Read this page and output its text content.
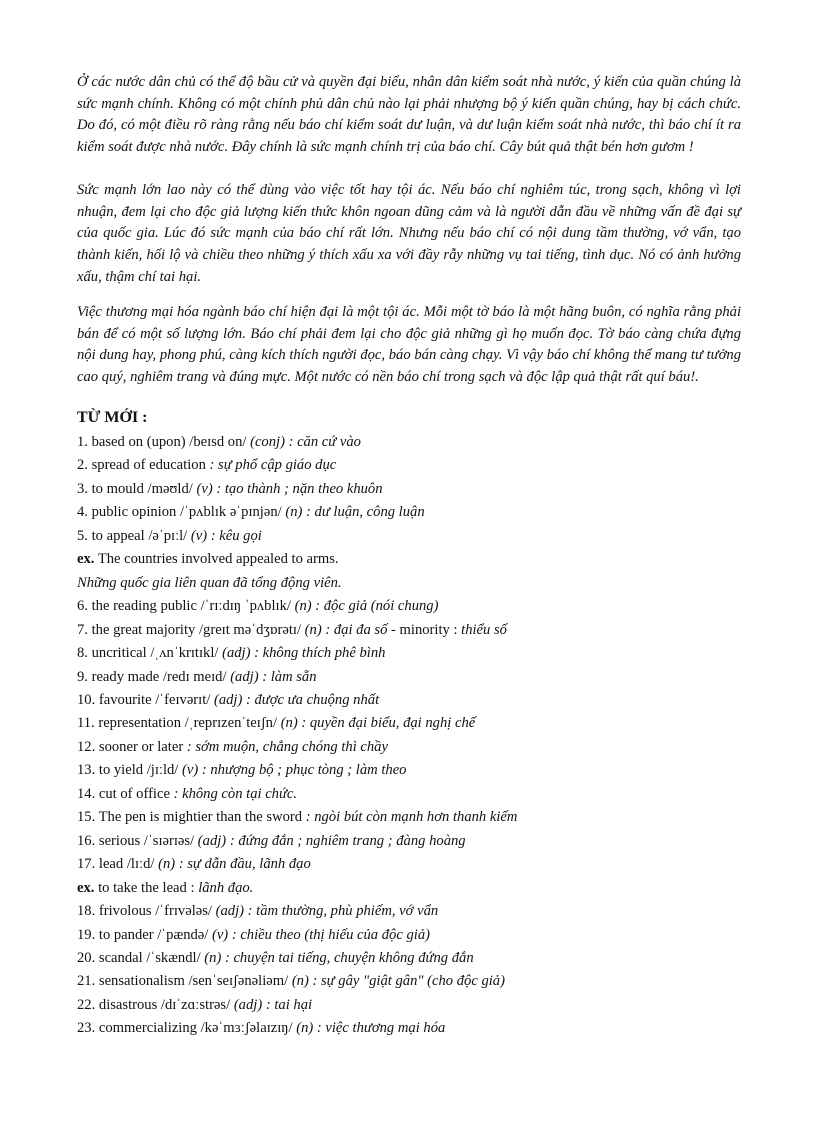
Ở các nước dân chủ có thể độ bầu cử và quyền đại biểu, nhân dân kiểm soát nhà nước, ý kiến của quần chúng là sức mạnh chính. Không có một chính phủ dân chủ nào lại phải nhượng bộ ý kiến quần chúng, hay bị cách chức. Do đó, có một điều rõ ràng rằng nếu báo chí kiểm soát dư luận, và dư luận kiểm soát nhà nước, thì báo chí ít ra kiểm soát được nhà nước. Đây chính là sức mạnh chính trị của báo chí. Cây bút quả thật bén hơn gươm !

Sức mạnh lớn lao này có thể dùng vào việc tốt hay tội ác. Nếu báo chí nghiêm túc, trong sạch, không vì lợi nhuận, đem lại cho độc giả lượng kiến thức khôn ngoan dũng cảm và là người dẫn đầu về những vấn đề đại sự của quốc gia. Lúc đó sức mạnh của báo chí rất lớn. Nhưng nếu báo chí có nội dung tầm thường, vớ vẩn, tạo thành kiến, hối lộ và chiều theo những ý thích xấu xa với đầy rẫy những vụ tai tiếng, tình dục. Nó có ảnh hưởng xấu, thậm chí tai hại.

Việc thương mại hóa ngành báo chí hiện đại là một tội ác. Mỗi một tờ báo là một hãng buôn, có nghĩa rằng phải bán để có một số lượng lớn. Báo chí phải đem lại cho độc giả những gì họ muốn đọc. Tờ báo càng chứa đựng nội dung hay, phong phú, càng kích thích người đọc, báo bán càng chạy. Vì vậy báo chí không thể mang tư tưởng cao quý, nghiêm trang và đúng mực. Một nước có nền báo chí trong sạch và độc lập quả thật rất quí báu!.

TỪ MỚI :

1. based on (upon) /beɪsd on/ (conj) : căn cứ vào
2. spread of education : sự phổ cập giáo dục
3. to mould /məʊld/ (v) : tạo thành ; nặn theo khuôn
4. public opinion /ˈpʌblɪk əˈpɪnjən/ (n) : dư luận, công luận
5. to appeal /əˈpɪːl/ (v) : kêu gọi
ex. The countries involved appealed to arms.
Những quốc gia liên quan đã tổng động viên.
6. the reading public /ˈrɪːdɪŋ ˈpʌblɪk/ (n) : độc giả (nói chung)
7. the great majority /greɪt məˈdʒɒrətɪ/ (n) : đại đa số - minority : thiểu số
8. uncritical /ˌʌnˈkrɪtɪkl/ (adj) : không thích phê bình
9. ready made /redɪ meɪd/ (adj) : làm sẵn
10. favourite /ˈfeɪvərɪt/ (adj) : được ưa chuộng nhất
11. representation /ˌreprɪzenˈteɪʃn/ (n) : quyền đại biểu, đại nghị chế
12. sooner or later : sớm muộn, chẳng chóng thì chầy
13. to yield /jɪːld/ (v) : nhượng bộ ; phục tòng ; làm theo
14. cut of office : không còn tại chức.
15. The pen is mightier than the sword : ngòi bút còn mạnh hơn thanh kiếm
16. serious /ˈsɪərɪəs/ (adj) : đứng đắn ; nghiêm trang ; đàng hoàng
17. lead /lɪːd/ (n) : sự dẫn đầu, lãnh đạo
ex. to take the lead : lãnh đạo.
18. frivolous /ˈfrɪvələs/ (adj) : tầm thường, phù phiếm, vớ vẩn
19. to pander /ˈpændə/ (v) : chiều theo (thị hiếu của độc giả)
20. scandal /ˈskændl/ (n) : chuyện tai tiếng, chuyện không đứng đắn
21. sensationalism /senˈseɪʃənəliəm/ (n) : sự gây "giật gân" (cho độc giả)
22. disastrous /dɪˈzɑːstrəs/ (adj) : tai hại
23. commercializing /kəˈmɜːʃəlaɪzɪŋ/ (n) : việc thương mại hóa
